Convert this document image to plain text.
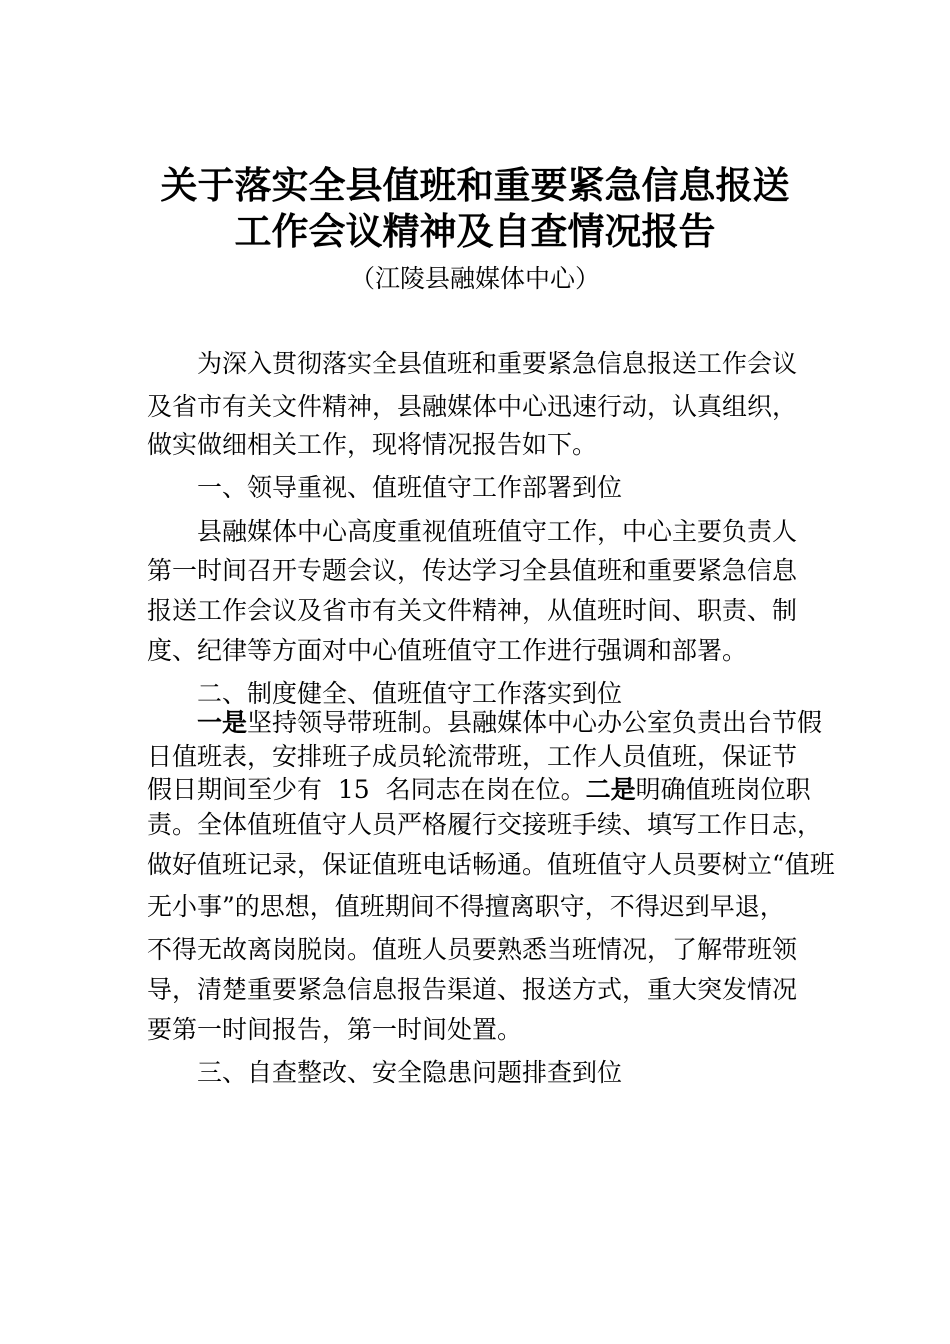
关于落实全县值班和重要紧急信息报送
工作会议精神及自查情况报告
（江陵县融媒体中心）
为深入贯彻落实全县值班和重要紧急信息报送工作会议
及省市有关文件精神，县融媒体中心迅速行动，认真组织，
做实做细相关工作，现将情况报告如下。
一、领导重视、值班值守工作部署到位
县融媒体中心高度重视值班值守工作，中心主要负责人
第一时间召开专题会议，传达学习全县值班和重要紧急信息
报送工作会议及省市有关文件精神，从值班时间、职责、制
度、纪律等方面对中心值班值守工作进行强调和部署。
二、制度健全、值班值守工作落实到位
一是坚持领导带班制。县融媒体中心办公室负责出台节假
日值班表，安排班子成员轮流带班，工作人员值班，保证节
假日期间至少有  15  名同志在岗在位。二是明确值班岗位职
责。全体值班值守人员严格履行交接班手续、填写工作日志，
做好值班记录，保证值班电话畅通。值班值守人员要树立“值班
无小事”的思想，值班期间不得擅离职守，不得迟到早退，
不得无故离岗脱岗。值班人员要熟悉当班情况，了解带班领
导，清楚重要紧急信息报告渠道、报送方式，重大突发情况
要第一时间报告，第一时间处置。
三、自查整改、安全隐患问题排查到位
